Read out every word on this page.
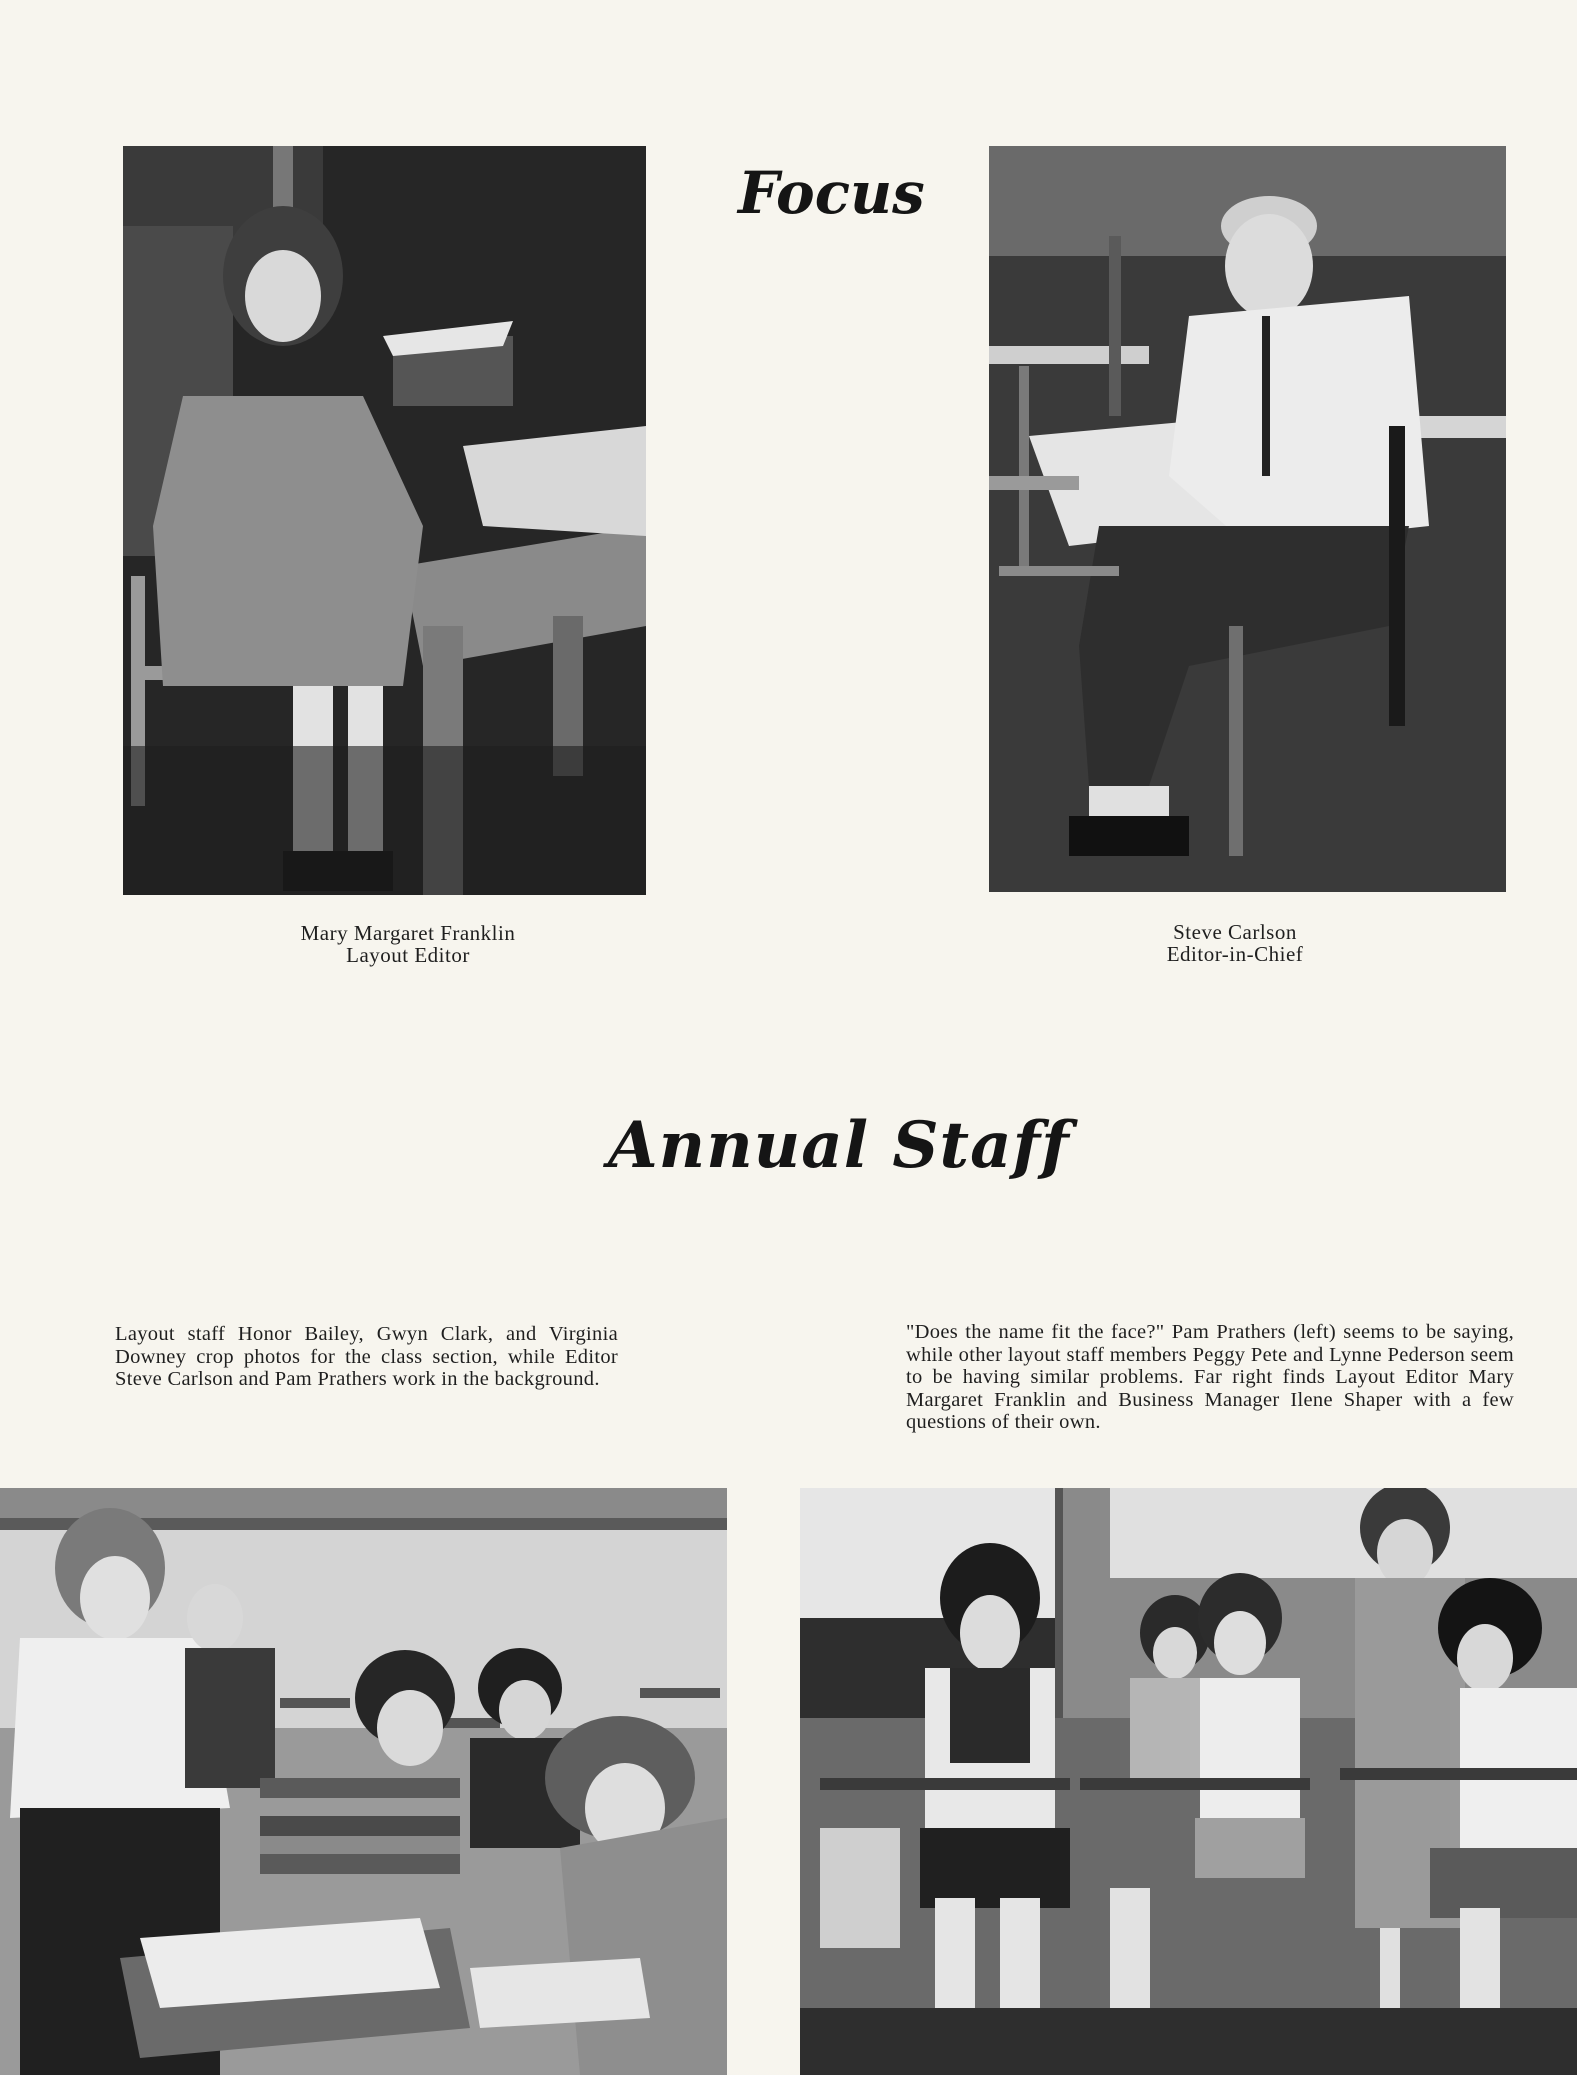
Focus
Mary Margaret Franklin
Layout Editor
Steve Carlson
Editor-in-Chief
Annual Staff

Layout staff Honor Bailey, Gwyn Clark, and Virginia Downey crop photos for the class section, while Editor Steve Carlson and Pam Prathers work in the background.

"Does the name fit the face?" Pam Prathers (left) seems to be saying, while other layout staff members Peggy Pete and Lynne Pederson seem to be having similar problems. Far right finds Layout Editor Mary Margaret Franklin and Business Manager Ilene Shaper with a few questions of their own.
